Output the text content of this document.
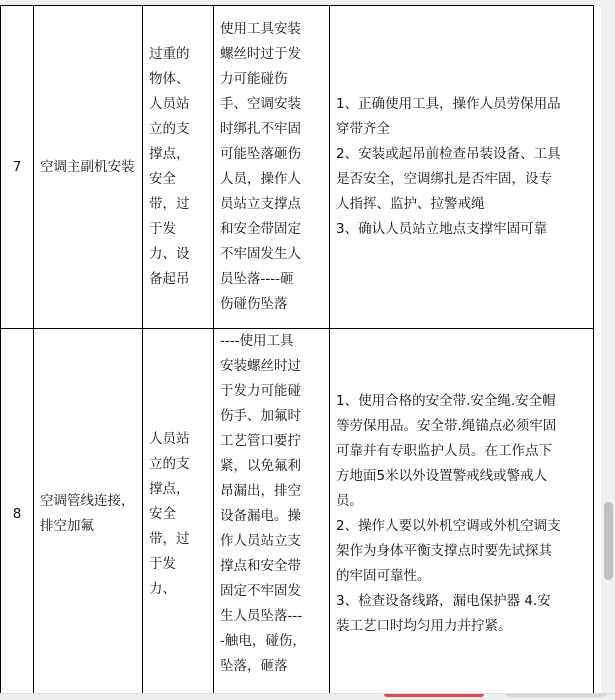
7	空调主副机安装	
过重的
物体、
人员站
立的支
撑点，
安全
带，过
于发
力、设
备起吊

使用工具安装
螺丝时过于发
力可能碰伤
手、空调安装
时绑扎不牢固
可能坠落砸伤
人员，操作人
员站立支撑点
和安全带固定
不牢固发生人
员坠落----砸
伤碰伤坠落

1、正确使用工具，操作人员劳保用品
穿带齐全
2、安装或起吊前检查吊装设备、工具
是否安全，空调绑扎是否牢固，设专
人指挥、监护、拉警戒绳
3、确认人员站立地点支撑牢固可靠

8	空调管线连接，排空加氟	
人员站
立的支
撑点，
安全
带，过
于发
力、

----使用工具
安装螺丝时过
于发力可能碰
伤手、加氟时
工艺管口要拧
紧，以免氟利
昂漏出，排空
设备漏电。操
作人员站立支
撑点和安全带
固定不牢固发
生人员坠落---
-触电，碰伤，
坠落，砸落

1、使用合格的安全带.安全绳.安全帽
等劳保用品。安全带.绳锚点必须牢固
可靠并有专职监护人员。在工作点下
方地面5米以外设置警戒线或警戒人
员。
2、操作人要以外机空调或外机空调支
架作为身体平衡支撑点时要先试探其
的牢固可靠性。
3、检查设备线路，漏电保护器 4.安
装工艺口时均匀用力并拧紧。
